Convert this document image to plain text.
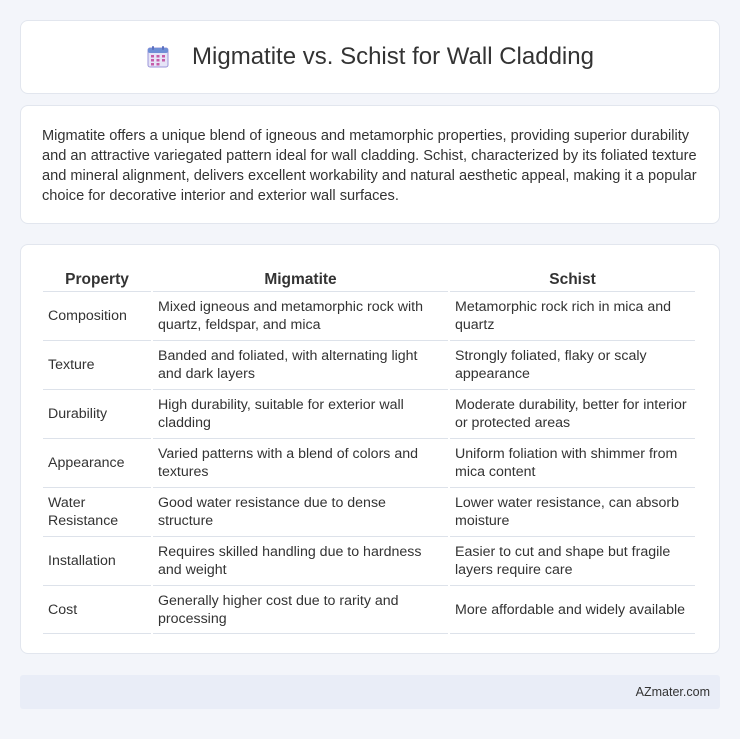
Migmatite vs. Schist for Wall Cladding

Migmatite offers a unique blend of igneous and metamorphic properties, providing superior durability and an attractive variegated pattern ideal for wall cladding. Schist, characterized by its foliated texture and mineral alignment, delivers excellent workability and natural aesthetic appeal, making it a popular choice for decorative interior and exterior wall surfaces.

Property	Migmatite	Schist
Composition	Mixed igneous and metamorphic rock with quartz, feldspar, and mica	Metamorphic rock rich in mica and quartz
Texture	Banded and foliated, with alternating light and dark layers	Strongly foliated, flaky or scaly appearance
Durability	High durability, suitable for exterior wall cladding	Moderate durability, better for interior or protected areas
Appearance	Varied patterns with a blend of colors and textures	Uniform foliation with shimmer from mica content
Water Resistance	Good water resistance due to dense structure	Lower water resistance, can absorb moisture
Installation	Requires skilled handling due to hardness and weight	Easier to cut and shape but fragile layers require care
Cost	Generally higher cost due to rarity and processing	More affordable and widely available
AZmater.com
